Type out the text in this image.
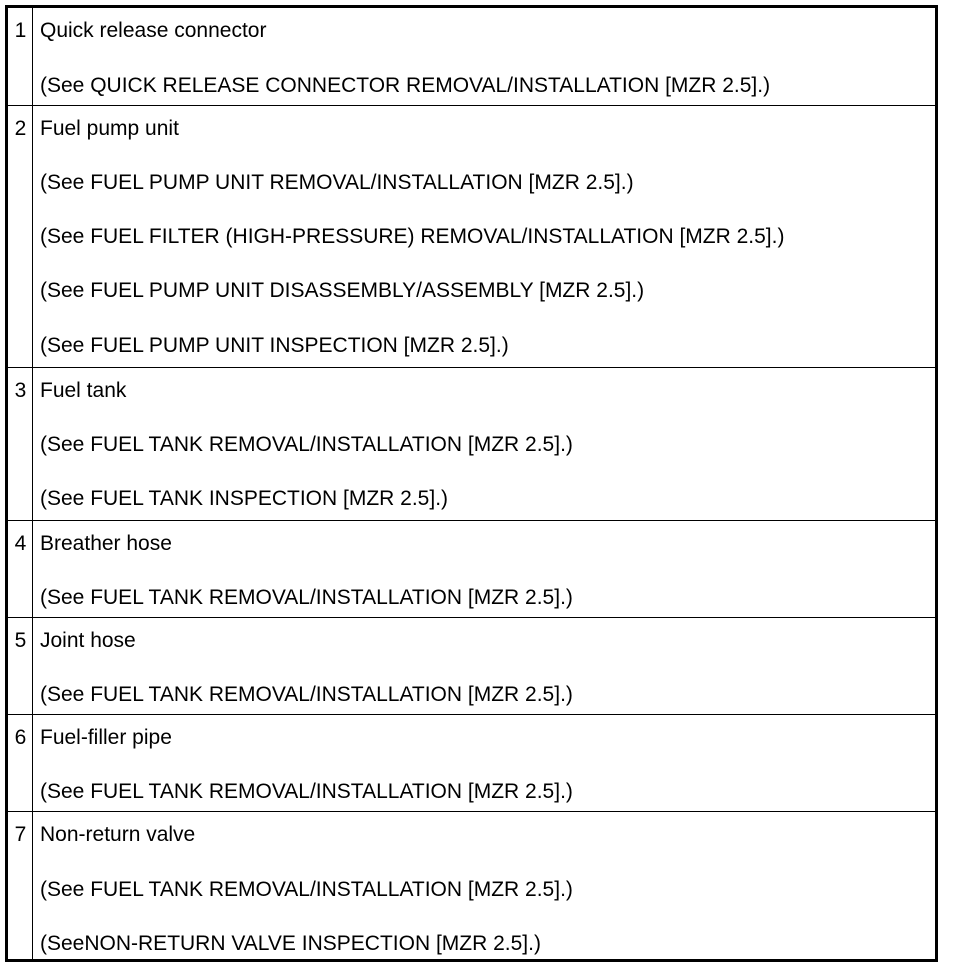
1 Quick release connector
(See QUICK RELEASE CONNECTOR REMOVAL/INSTALLATION [MZR 2.5].)
2 Fuel pump unit
(See FUEL PUMP UNIT REMOVAL/INSTALLATION [MZR 2.5].)
(See FUEL FILTER (HIGH-PRESSURE) REMOVAL/INSTALLATION [MZR 2.5].)
(See FUEL PUMP UNIT DISASSEMBLY/ASSEMBLY [MZR 2.5].)
(See FUEL PUMP UNIT INSPECTION [MZR 2.5].)
3 Fuel tank
(See FUEL TANK REMOVAL/INSTALLATION [MZR 2.5].)
(See FUEL TANK INSPECTION [MZR 2.5].)
4 Breather hose
(See FUEL TANK REMOVAL/INSTALLATION [MZR 2.5].)
5 Joint hose
(See FUEL TANK REMOVAL/INSTALLATION [MZR 2.5].)
6 Fuel-filler pipe
(See FUEL TANK REMOVAL/INSTALLATION [MZR 2.5].)
7 Non-return valve
(See FUEL TANK REMOVAL/INSTALLATION [MZR 2.5].)
(SeeNON-RETURN VALVE INSPECTION [MZR 2.5].)
